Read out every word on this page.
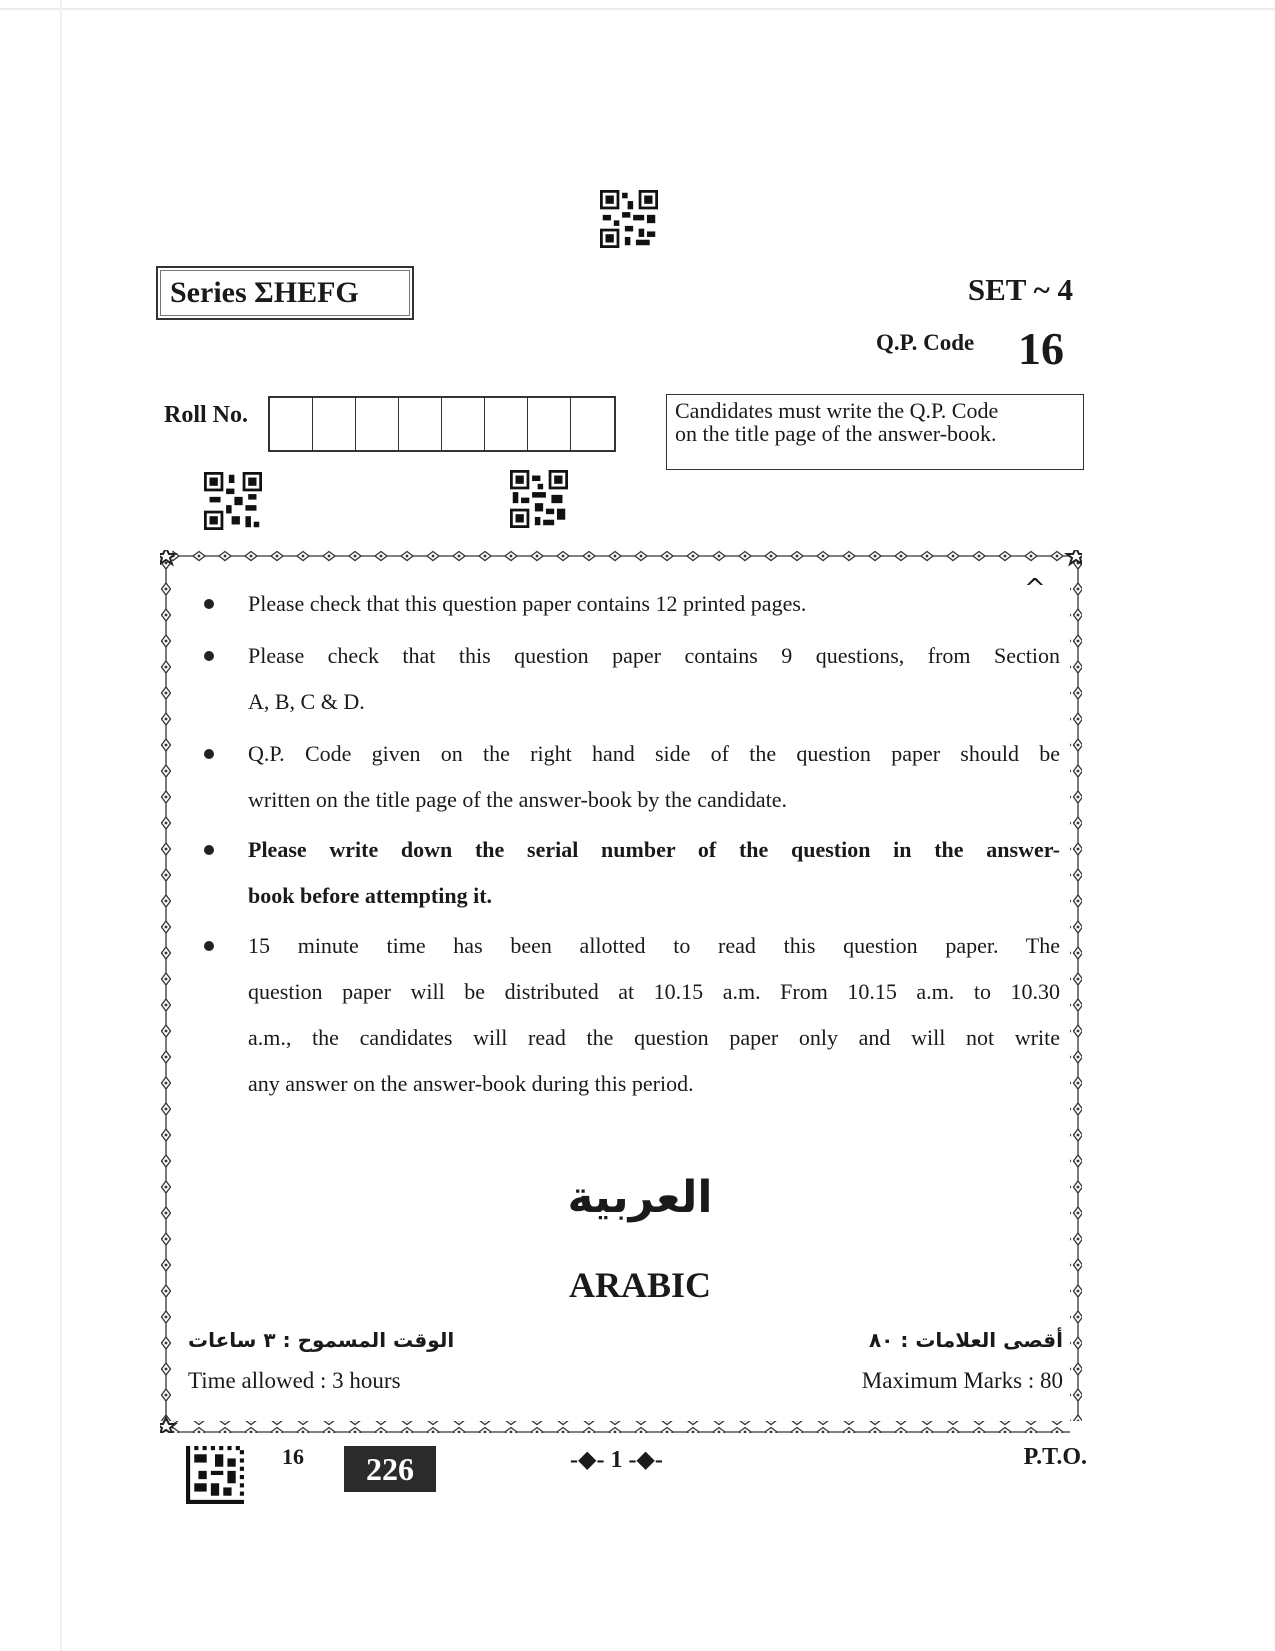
Series ΣHEFG	SET ~ 4
Q.P. Code 16
Roll No.	Candidates must write the Q.P. Code
on the title page of the answer-book.
^
Please check that this question paper contains 12 printed pages.
Please check that this question paper contains 9 questions, from Section
A, B, C & D.
Q.P. Code given on the right hand side of the question paper should be
written on the title page of the answer-book by the candidate.
Please write down the serial number of the question in the answer-
book before attempting it.
15 minute time has been allotted to read this question paper. The
question paper will be distributed at 10.15 a.m. From 10.15 a.m. to 10.30
a.m., the candidates will read the question paper only and will not write
any answer on the answer-book during this period.
العربية
ARABIC
الوقت المسموح : ٣ ساعات
Time allowed : 3 hours
أقصى العلامات : ٨٠
Maximum Marks : 80
16	226	-◆- 1 -◆-	P.T.O.
